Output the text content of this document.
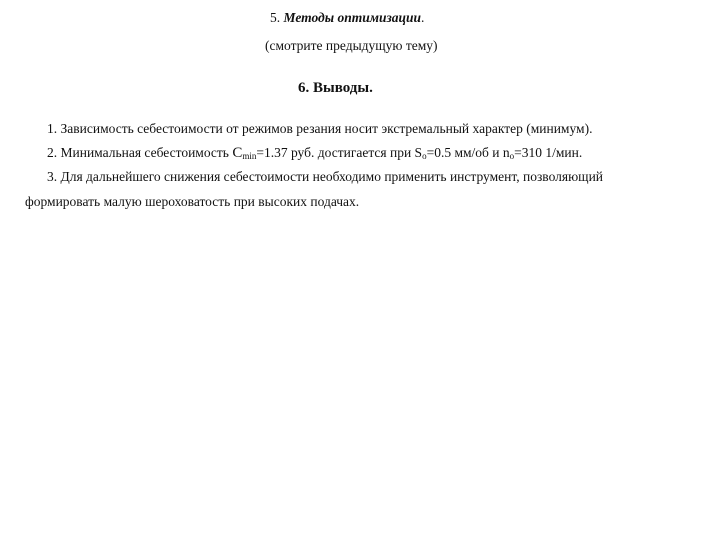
5. Методы оптимизации.
(смотрите предыдущую тему)
6. Выводы.
1. Зависимость себестоимости от режимов резания носит экстремальный характер (минимум).
2. Минимальная себестоимость $C_{min}=1.37$ руб. достигается при $S_o=0.5$ мм/об и $n_o=310$ 1/мин.
3. Для дальнейшего снижения себестоимости необходимо применить инструмент, позволяющий
формировать малую шероховатость при высоких подачах.
